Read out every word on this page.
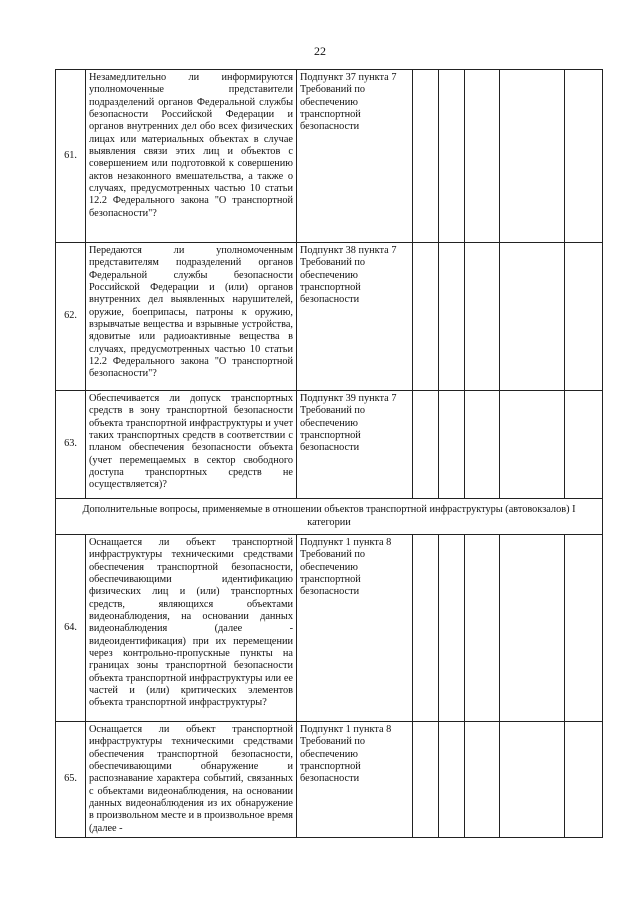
22
61.	Незамедлительно ли информируются уполномоченные представители подразделений органов Федеральной службы безопасности Российской Федерации и органов внутренних дел обо всех физических лицах или материальных объектах в случае выявления связи этих лиц и объектов с совершением или подготовкой к совершению актов незаконного вмешательства, а также о случаях, предусмотренных частью 10 статьи 12.2 Федерального закона "О транспортной безопасности"?	Подпункт 37 пункта 7 Требований по обеспечению транспортной безопасности					
62.	Передаются ли уполномоченным представителям подразделений органов Федеральной службы безопасности Российской Федерации и (или) органов внутренних дел выявленных нарушителей, оружие, боеприпасы, патроны к оружию, взрывчатые вещества и взрывные устройства, ядовитые или радиоактивные вещества в случаях, предусмотренных частью 10 статьи 12.2 Федерального закона "О транспортной безопасности"?	Подпункт 38 пункта 7 Требований по обеспечению транспортной безопасности					
63.	Обеспечивается ли допуск транспортных средств в зону транспортной безопасности объекта транспортной инфраструктуры и учет таких транспортных средств в соответствии с планом обеспечения безопасности объекта (учет перемещаемых в сектор свободного доступа транспортных средств не осуществляется)?	Подпункт 39 пункта 7 Требований по обеспечению транспортной безопасности					
Дополнительные вопросы, применяемые в отношении объектов транспортной инфраструктуры (автовокзалов) I категории							
64.	Оснащается ли объект транспортной инфраструктуры техническими средствами обеспечения транспортной безопасности, обеспечивающими идентификацию физических лиц и (или) транспортных средств, являющихся объектами видеонаблюдения, на основании данных видеонаблюдения (далее - видеоидентификация) при их перемещении через контрольно-пропускные пункты на границах зоны транспортной безопасности объекта транспортной инфраструктуры или ее частей и (или) критических элементов объекта транспортной инфраструктуры?	Подпункт 1 пункта 8 Требований по обеспечению транспортной безопасности					
65.	Оснащается ли объект транспортной инфраструктуры техническими средствами обеспечения транспортной безопасности, обеспечивающими обнаружение и распознавание характера событий, связанных с объектами видеонаблюдения, на основании данных видеонаблюдения из их обнаружение в произвольном месте и в произвольное время (далее -	Подпункт 1 пункта 8 Требований по обеспечению транспортной безопасности					
